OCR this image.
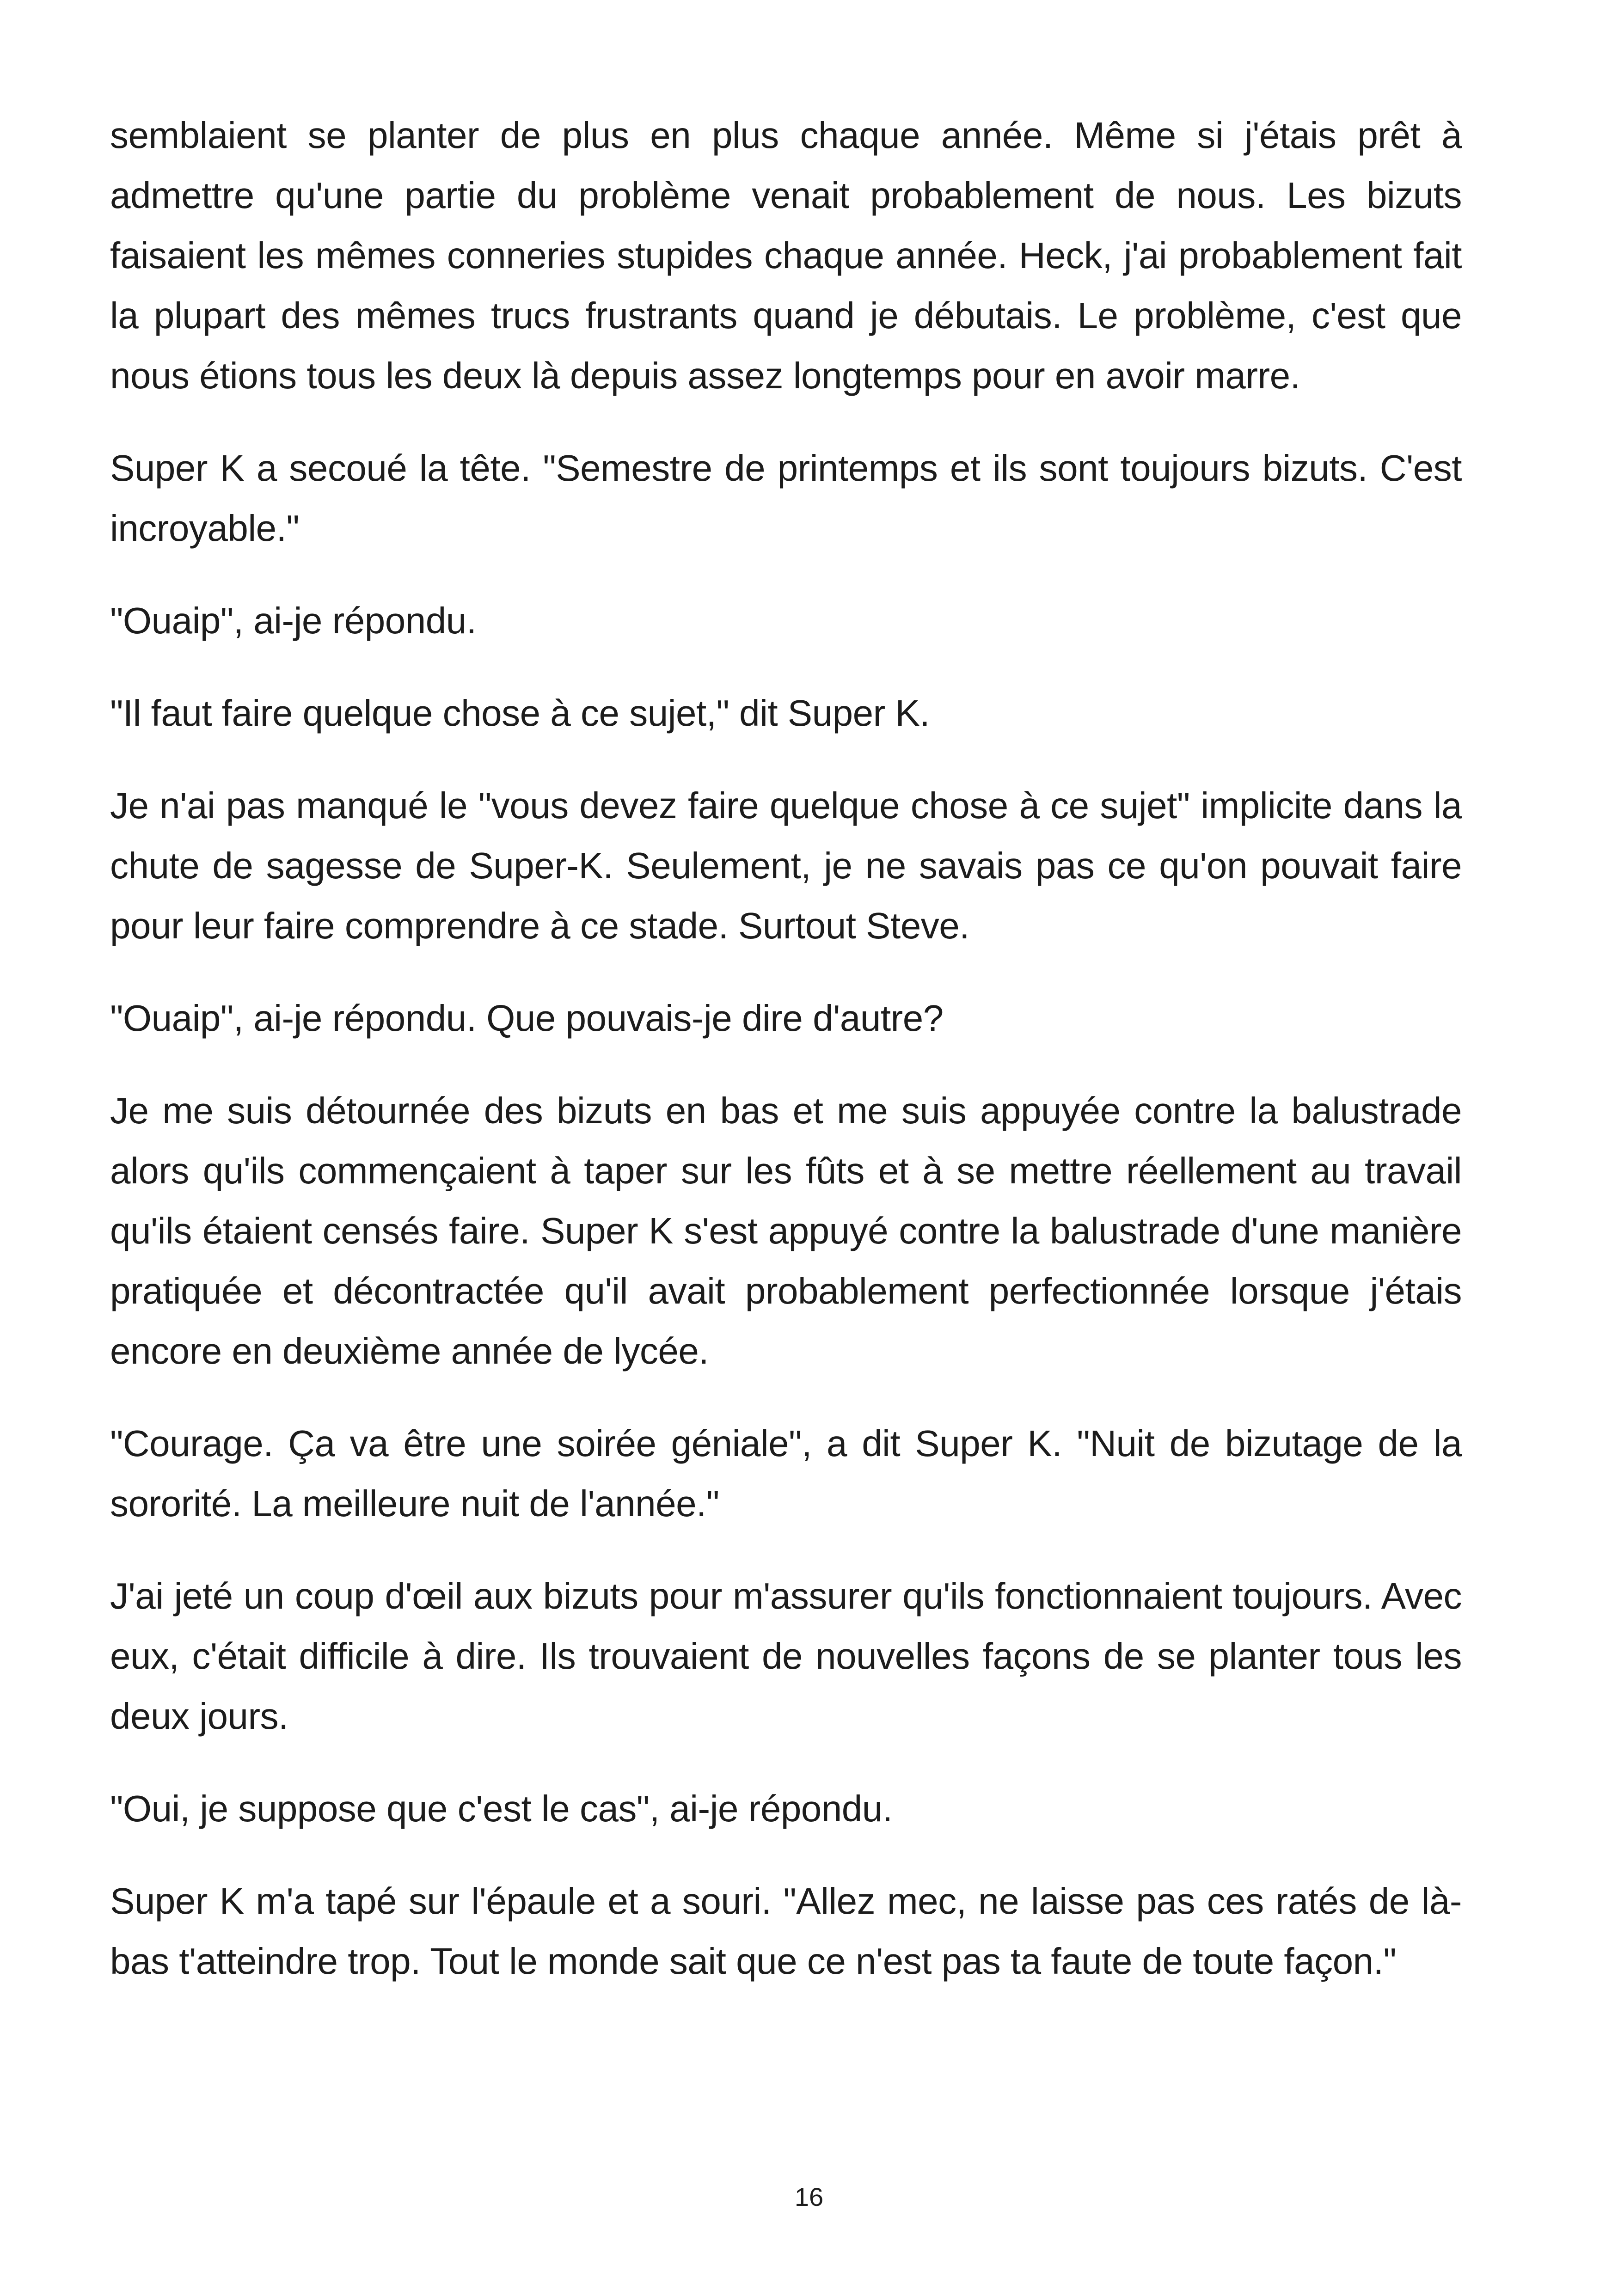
semblaient se planter de plus en plus chaque année. Même si j'étais prêt à admettre qu'une partie du problème venait probablement de nous. Les bizuts faisaient les mêmes conneries stupides chaque année. Heck, j'ai probablement fait la plupart des mêmes trucs frustrants quand je débutais. Le problème, c'est que nous étions tous les deux là depuis assez longtemps pour en avoir marre.

Super K a secoué la tête. "Semestre de printemps et ils sont toujours bizuts. C'est incroyable."

"Ouaip", ai-je répondu.

"Il faut faire quelque chose à ce sujet," dit Super K.

Je n'ai pas manqué le "vous devez faire quelque chose à ce sujet" implicite dans la chute de sagesse de Super-K. Seulement, je ne savais pas ce qu'on pouvait faire pour leur faire comprendre à ce stade. Surtout Steve.

"Ouaip", ai-je répondu. Que pouvais-je dire d'autre?

Je me suis détournée des bizuts en bas et me suis appuyée contre la balustrade alors qu'ils commençaient à taper sur les fûts et à se mettre réellement au travail qu'ils étaient censés faire. Super K s'est appuyé contre la balustrade d'une manière pratiquée et décontractée qu'il avait probablement perfectionnée lorsque j'étais encore en deuxième année de lycée.

"Courage. Ça va être une soirée géniale", a dit Super K. "Nuit de bizutage de la sororité. La meilleure nuit de l'année."

J'ai jeté un coup d'œil aux bizuts pour m'assurer qu'ils fonctionnaient toujours. Avec eux, c'était difficile à dire. Ils trouvaient de nouvelles façons de se planter tous les deux jours.

"Oui, je suppose que c'est le cas", ai-je répondu.

Super K m'a tapé sur l'épaule et a souri. "Allez mec, ne laisse pas ces ratés de là-bas t'atteindre trop. Tout le monde sait que ce n'est pas ta faute de toute façon."

16
